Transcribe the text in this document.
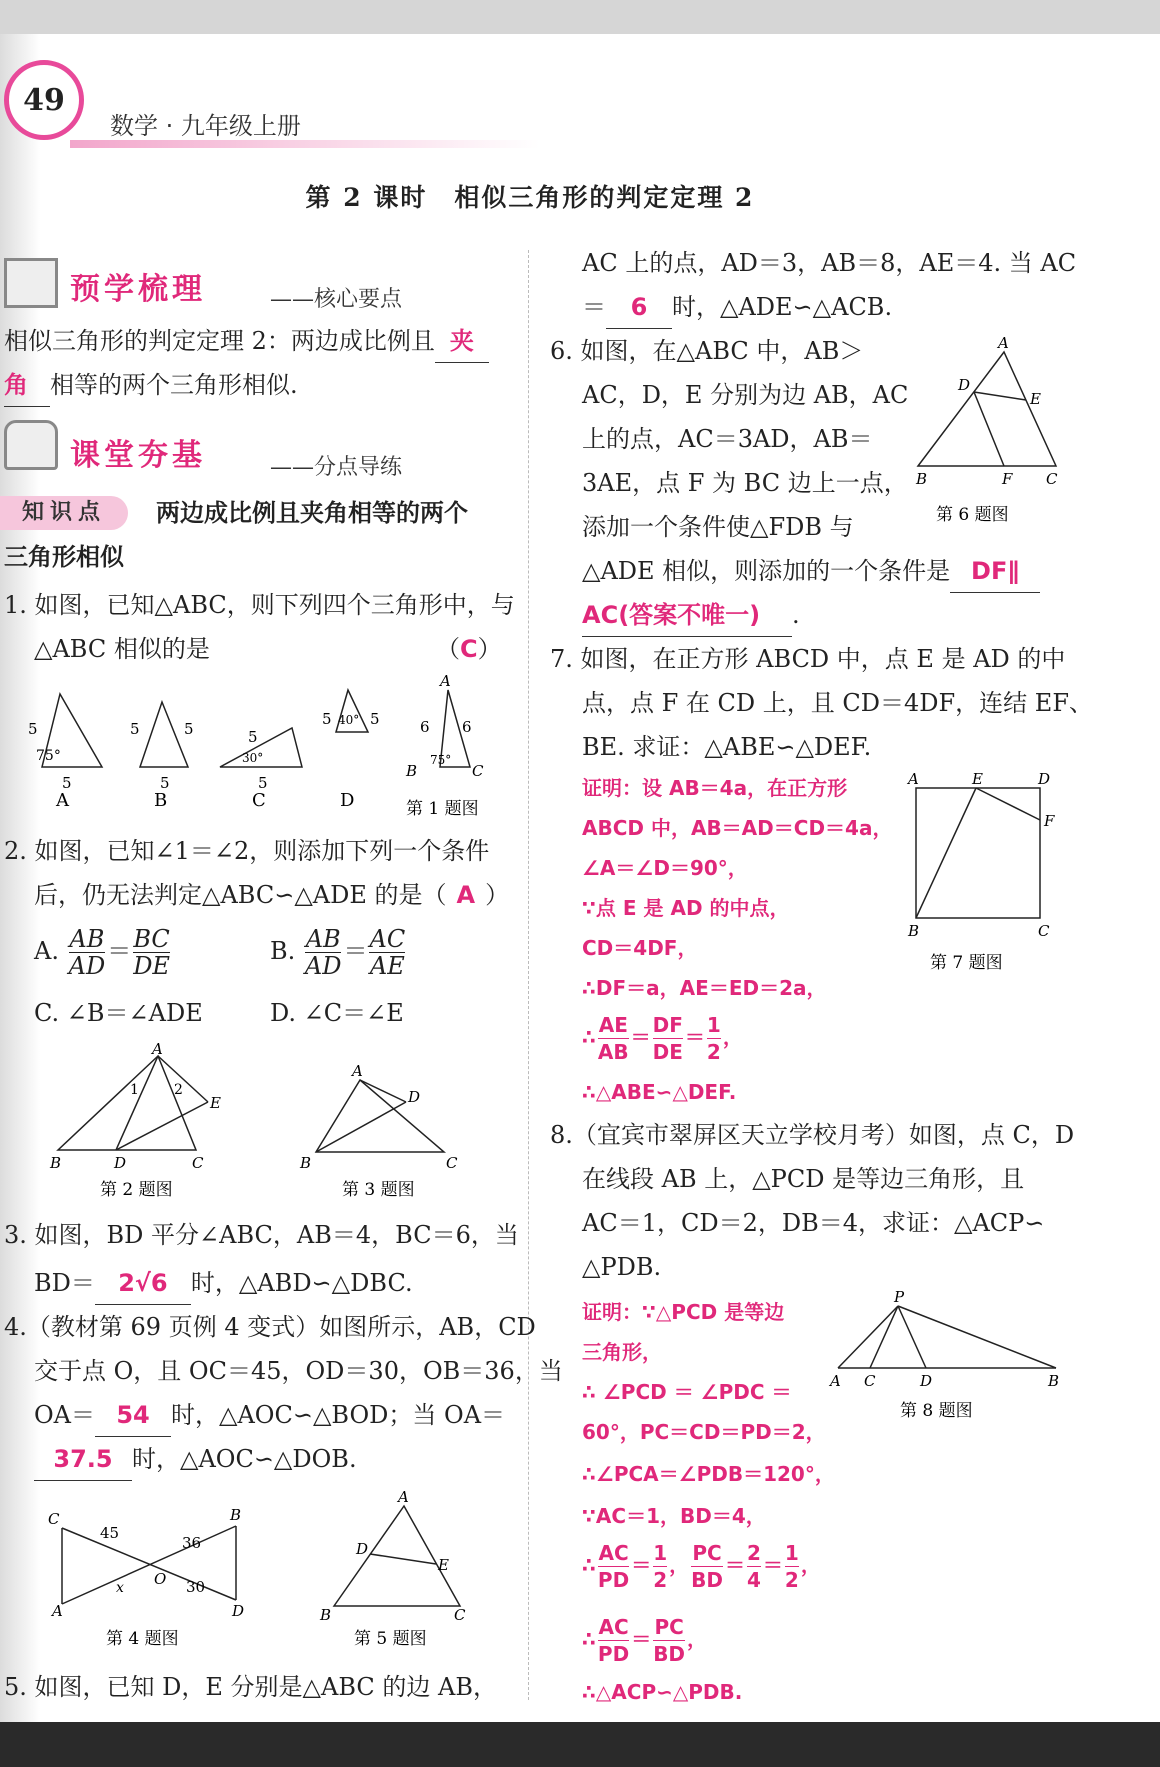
49
数学 · 九年级上册
第 2 课时　相似三角形的判定定理 2
预学梳理	——核心要点
相似三角形的判定定理 2：两边成比例且 夹
角 相等的两个三角形相似.
课堂夯基	——分点导练
知识点	两边成比例且夹角相等的两个
三角形相似
1. 如图，已知△ABC，则下列四个三角形中，与
△ABC 相似的是	（C）
5
75°
5
A
5	5
5
B
5
30°
5
C
5 40° 5
D
A
B	C
6 6
75°
第 1 题图
2. 如图，已知∠1＝∠2，则添加下列一个条件
后，仍无法判定△ABC∽△ADE 的是（ A ）
A. $\frac{AB}{AD} = \frac{BC}{DE}$	B. $\frac{AB}{AD} = \frac{AC}{AE}$
C. ∠B＝∠ADE	D. ∠C＝∠E
A
1	2
E
B	D	C
第 2 题图
A
D
B	C
第 3 题图
3. 如图，BD 平分∠ABC，AB＝4，BC＝6，当
BD＝ 2√6 时，△ABD∽△DBC.
4.（教材第 69 页例 4 变式）如图所示，AB，CD
交于点 O，且 OC＝45，OD＝30，OB＝36，当
OA＝ 54 时，△AOC∽△BOD；当 OA＝
37.5 时，△AOC∽△DOB.
C
45
36
B
O
x	30
A	D
第 4 题图
A
D
E
B	C
第 5 题图
5. 如图，已知 D，E 分别是△ABC 的边 AB，
AC 上的点，AD＝3，AB＝8，AE＝4. 当 AC
＝ 6 时，△ADE∽△ACB.
6. 如图，在△ABC 中，AB＞
AC，D，E 分别为边 AB，AC
上的点，AC＝3AD，AB＝
3AE，点 F 为 BC 边上一点，
添加一个条件使△FDB 与
△ADE 相似，则添加的一个条件是 DF∥
AC(答案不唯一) .
A
D
E
B	F C
第 6 题图
7. 如图，在正方形 ABCD 中，点 E 是 AD 的中
点，点 F 在 CD 上，且 CD＝4DF，连结 EF、
BE. 求证：△ABE∽△DEF.
证明：设 AB＝4a，在正方形
ABCD 中，AB＝AD＝CD＝4a，
∠A＝∠D＝90°，
∵点 E 是 AD 的中点，
CD＝4DF，
∴DF＝a，AE＝ED＝2a，
∴ $\frac{AE}{AB} = \frac{DF}{DE} = \frac{1}{2}$ ，
∴△ABE∽△DEF.
A	E	D
F
B	C
第 7 题图
8.（宜宾市翠屏区天立学校月考）如图，点 C，D
在线段 AB 上，△PCD 是等边三角形，且
AC＝1，CD＝2，DB＝4，求证：△ACP∽
△PDB.
证明：∵△PCD 是等边
三角形，
∴ ∠PCD ＝ ∠PDC ＝
60°，PC＝CD＝PD＝2，
∴∠PCA＝∠PDB＝120°，
∵AC＝1，BD＝4，
∴ $\frac{AC}{PD} = \frac{1}{2}$ ， $\frac{PC}{BD} = \frac{2}{4} = \frac{1}{2}$ ，
∴ $\frac{AC}{PD} = \frac{PC}{BD}$ ，
∴△ACP∽△PDB.
P
A C	D	B
第 8 题图
